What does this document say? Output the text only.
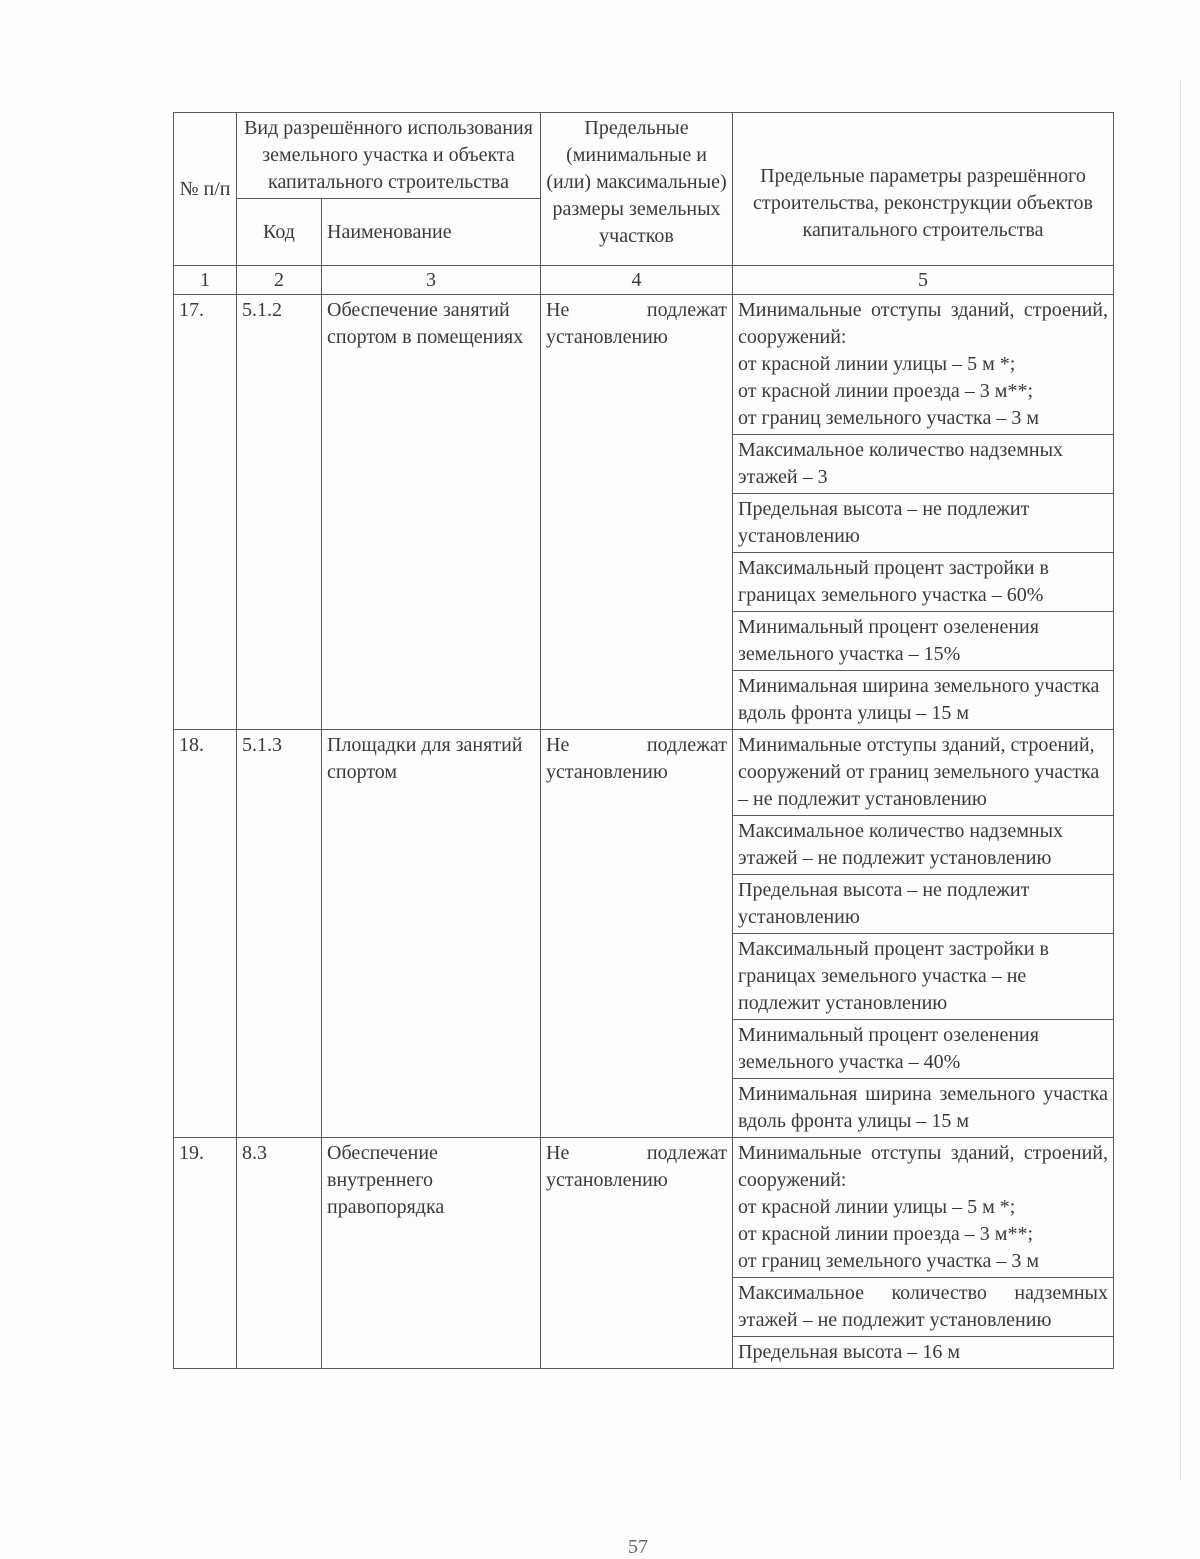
№ п/п	Вид разрешённого использования земельного участка и объекта капитального строительства		Предельные (минимальные и (или) максимальные) размеры земельных участков	Предельные параметры разрешённого строительства, реконструкции объектов капитального строительства
	Код	Наименование		
1	2	3	4	5
17.	5.1.2	Обеспечение занятий спортом в помещениях	Не подлежат установлению	Минимальные отступы зданий, строений, сооружений:
от красной линии улицы – 5 м *;
от красной линии проезда – 3 м**;
от границ земельного участка – 3 м

				Максимальное количество надземных этажей – 3
				Предельная высота – не подлежит установлению
				Максимальный процент застройки в границах земельного участка – 60%
				Минимальный процент озеленения земельного участка – 15%
				Минимальная ширина земельного участка вдоль фронта улицы – 15 м
18.	5.1.3	Площадки для занятий спортом	Не подлежат установлению	Минимальные отступы зданий, строений, сооружений от границ земельного участка – не подлежит установлению
				Максимальное количество надземных этажей – не подлежит установлению
				Предельная высота – не подлежит установлению
				Максимальный процент застройки в границах земельного участка – не подлежит установлению
				Минимальный процент озеленения земельного участка – 40%
				Минимальная ширина земельного участка вдоль фронта улицы – 15 м
19.	8.3	Обеспечение внутреннего правопорядка	Не подлежат установлению	Минимальные отступы зданий, строений, сооружений:
от красной линии улицы – 5 м *;
от красной линии проезда – 3 м**;
от границ земельного участка – 3 м

				Максимальное количество надземных этажей – не подлежит установлению
				Предельная высота – 16 м
57
